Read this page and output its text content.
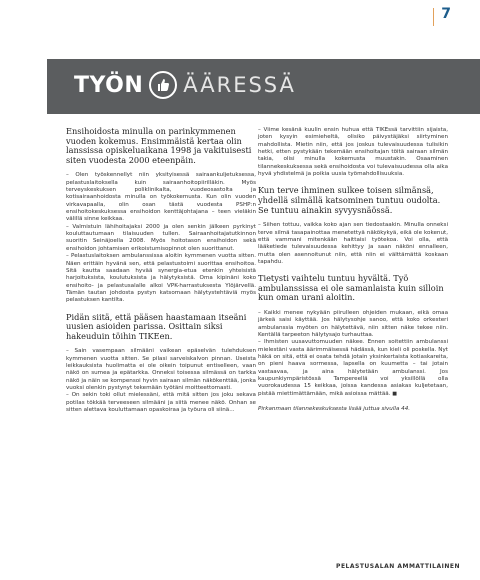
7
TYÖN ÄÄRESSÄ

Ensihoidosta minulla on parinkymmenen vuoden kokemus. Ensimmäistä kertaa olin lanssissa opiskeluaikana 1998 ja vakituisesti siten vuodesta 2000 eteenpäin.

– Olen työskennellyt niin yksityisessä sairaankuljetuksessa, pelastuslaitoksella kuin sairaanhoitopiirilläkin. Myös terveyskeskuksen poliklinikalta, vuodeosastolta ja kotisairaanhoidosta minulla on työkokemusta. Kun olin vuoden virkavapaalla, olin osan tästä vuodesta PSHP:n ensihoitokeskuksessa ensihoidon kenttäjohtajana – teen vieläkin välillä sinne keikkaa.

– Valmistuin lähihoitajaksi 2000 ja olen senkin jälkeen pyrkinyt kouluttautumaan tilaisuuden tullen. Sairaanhoitajatutkinnon suoritin Seinäjoella 2008. Myös hoitotason ensihoidon sekä ensihoidon johtamisen erikoistumisopinnot olen suorittanut.

– Pelastuslaitoksen ambulanssissa aloitin kymmenen vuotta sitten. Näen erittäin hyvänä sen, että pelastustoimi suorittaa ensihoitoa. Sitä kautta saadaan hyvää synergia-etua etenkin yhteisistä harjoituksista, koulutuksista ja hälytyksistä. Oma kipinäni koko ensihoito- ja pelastusalalle alkoi VPK-harrastuksesta Ylöjärvellä. Tämän tautan johdosta pystyn katsomaan hälytystehtäviä myös pelastuksen kantilta.

Pidän siitä, että pääsen haastamaan itseäni uusien asioiden parissa. Osittain siksi hakeuduin töihin TIKEen.

– Sain vasempaan silmääni vaikean epäselvän tulehduksen kymmenen vuotta sitten. Se pilasi sarveiskalvon pinnan. Useista leikkauksista huolimatta ei ole oikein toipunut entiselleen, vaan näkö on sumea ja epätarkka. Onneksi toisessa silmässä on tarkka näkö ja näin se kompensoi hyvin sairaan silmän näkökenttää, jonka vuoksi olenkin pystynyt tekemään työtäni moitteettomasti.

– On sekin toki ollut mielessäni, että mitä sitten jos joku sekava potilas tökkää terveeseen silmääni ja siitä menee näkö. Onhan se sitten alettava kouluttamaan opaskoiraa ja työura oli siinä...

– Viime kesänä kuulin ensin huhua että TIKEssä tarvittiin sijaista, joten kysyin esimieheltä, olisiko päivystäjäksi siirtyminen mahdollista. Mietin niin, että jos joskus tulevaisuudessa tulisikin hetki, etten pystykään tekemään ensihoitajan töitä sairaan silmän takia, olisi minulla kokemusta muustakin. Osaaminen tilannekeskuksessa sekä ensihoidosta voi tulevaisuudessa olla aika hyvä yhdistelmä ja poikia uusia työmahdollisuuksia.

Kun terve ihminen sulkee toisen silmänsä, yhdellä silmällä katsominen tuntuu oudolta. Se tuntuu ainakin syvyysnäössä.

– Siihen tottuu, vaikka koko ajan sen tiedostaakin. Minulla onneksi terve silmä tasapainottaa menetettyä näkökykyä, eikä ole kokenut, että vammani mitenkään haittaisi työtekoa. Voi olla, että lääketiede tulevaisuudessa kehittyy ja saan näköni ennalleen, mutta olen asennoitunut niin, että niin ei välttämättä koskaan tapahdu.

Tietysti vaihtelu tuntuu hyvältä. Työ ambulanssissa ei ole samanlaista kuin silloin kun oman urani aloitin.

– Kaikki menee nykyään piirulleen ohjeiden mukaan, eikä omaa järkeä saisi käyttää. Jos hälytysohje sanoo, että koko orkesteri ambulanssia myöten on hälytettävä, niin sitten näke tekee niin. Kentällä tarpeeton hälytysajo turhauttaa.

– Ihmisten uusavuttomuuden näkee. Ennen soitettiin ambulanssi mielestäni vasta äärimmäisessä hädässä, kun kieli oli poskella. Nyt häkä on sitä, että ei osata tehdä jotain yksinkertaista kotiaskareita, on pieni haava sormessa, lapsella on kuumetta – tai jotain vastaavaa, ja aina hälytetään ambulanssi. Jos kaupunkiympäristössä Tampereellä voi yksillöllä olla vuorokaudessa 15 keikkaa, joissa kandessa asiakas kuljetetaan, pistää miettimättämään, mikä asioissa mättää. ■

Pirkanmaan tilannekeskuksesta lisää juttua sivulla 44.

PELASTUSALAN AMMATTILAINEN
